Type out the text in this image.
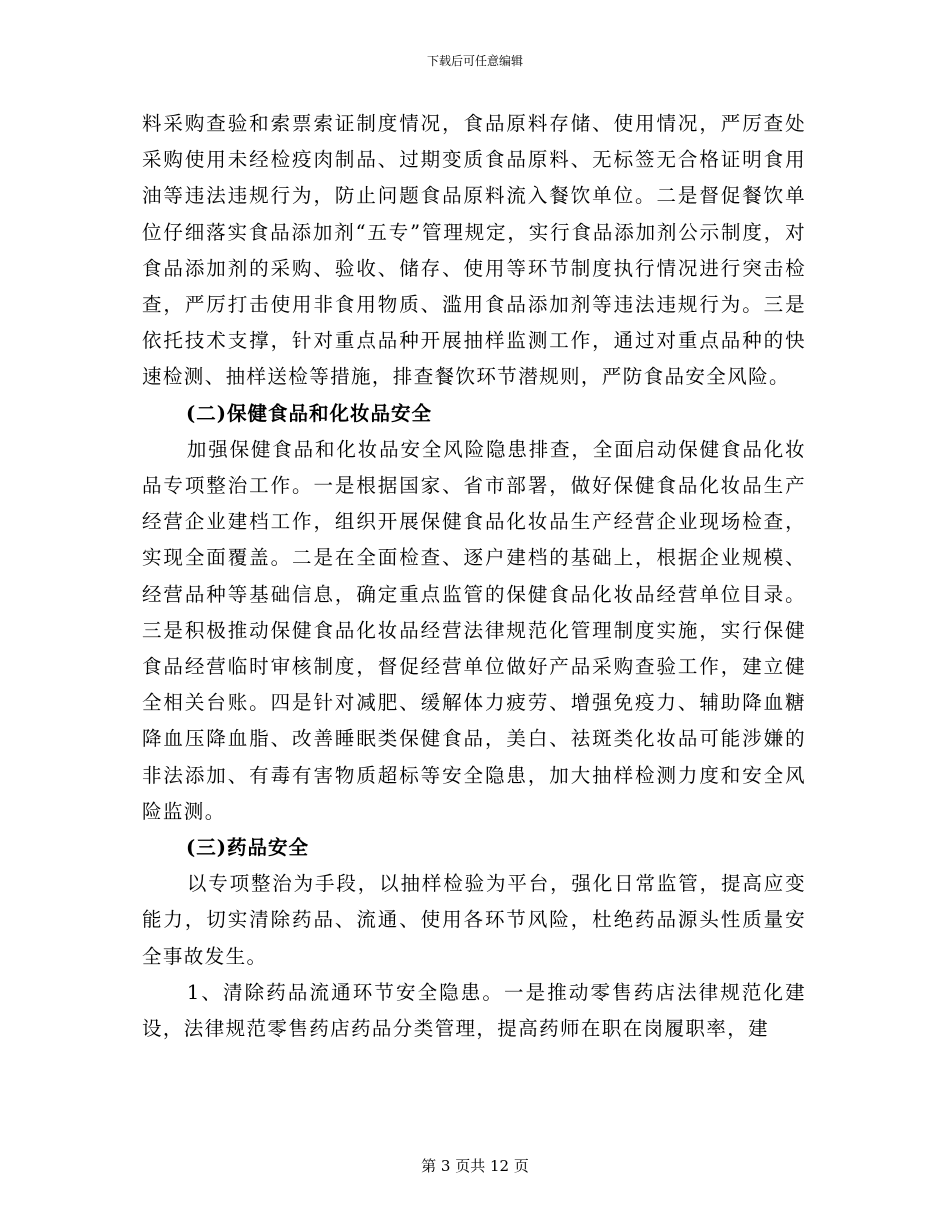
下载后可任意编辑

料采购查验和索票索证制度情况，食品原料存储、使用情况，严厉查处采购使用未经检疫肉制品、过期变质食品原料、无标签无合格证明食用油等违法违规行为，防止问题食品原料流入餐饮单位。二是督促餐饮单位仔细落实食品添加剂“五专”管理规定，实行食品添加剂公示制度，对食品添加剂的采购、验收、储存、使用等环节制度执行情况进行突击检查，严厉打击使用非食用物质、滥用食品添加剂等违法违规行为。三是依托技术支撑，针对重点品种开展抽样监测工作，通过对重点品种的快速检测、抽样送检等措施，排查餐饮环节潜规则，严防食品安全风险。

(二)保健食品和化妆品安全

加强保健食品和化妆品安全风险隐患排查，全面启动保健食品化妆品专项整治工作。一是根据国家、省市部署，做好保健食品化妆品生产经营企业建档工作，组织开展保健食品化妆品生产经营企业现场检查，实现全面覆盖。二是在全面检查、逐户建档的基础上，根据企业规模、经营品种等基础信息，确定重点监管的保健食品化妆品经营单位目录。三是积极推动保健食品化妆品经营法律规范化管理制度实施，实行保健食品经营临时审核制度，督促经营单位做好产品采购查验工作，建立健全相关台账。四是针对减肥、缓解体力疲劳、增强免疫力、辅助降血糖降血压降血脂、改善睡眠类保健食品，美白、祛斑类化妆品可能涉嫌的非法添加、有毒有害物质超标等安全隐患，加大抽样检测力度和安全风险监测。

(三)药品安全

以专项整治为手段，以抽样检验为平台，强化日常监管，提高应变能力，切实清除药品、流通、使用各环节风险，杜绝药品源头性质量安全事故发生。

1、清除药品流通环节安全隐患。一是推动零售药店法律规范化建设，法律规范零售药店药品分类管理，提高药师在职在岗履职率，建

第 3 页共 12 页
